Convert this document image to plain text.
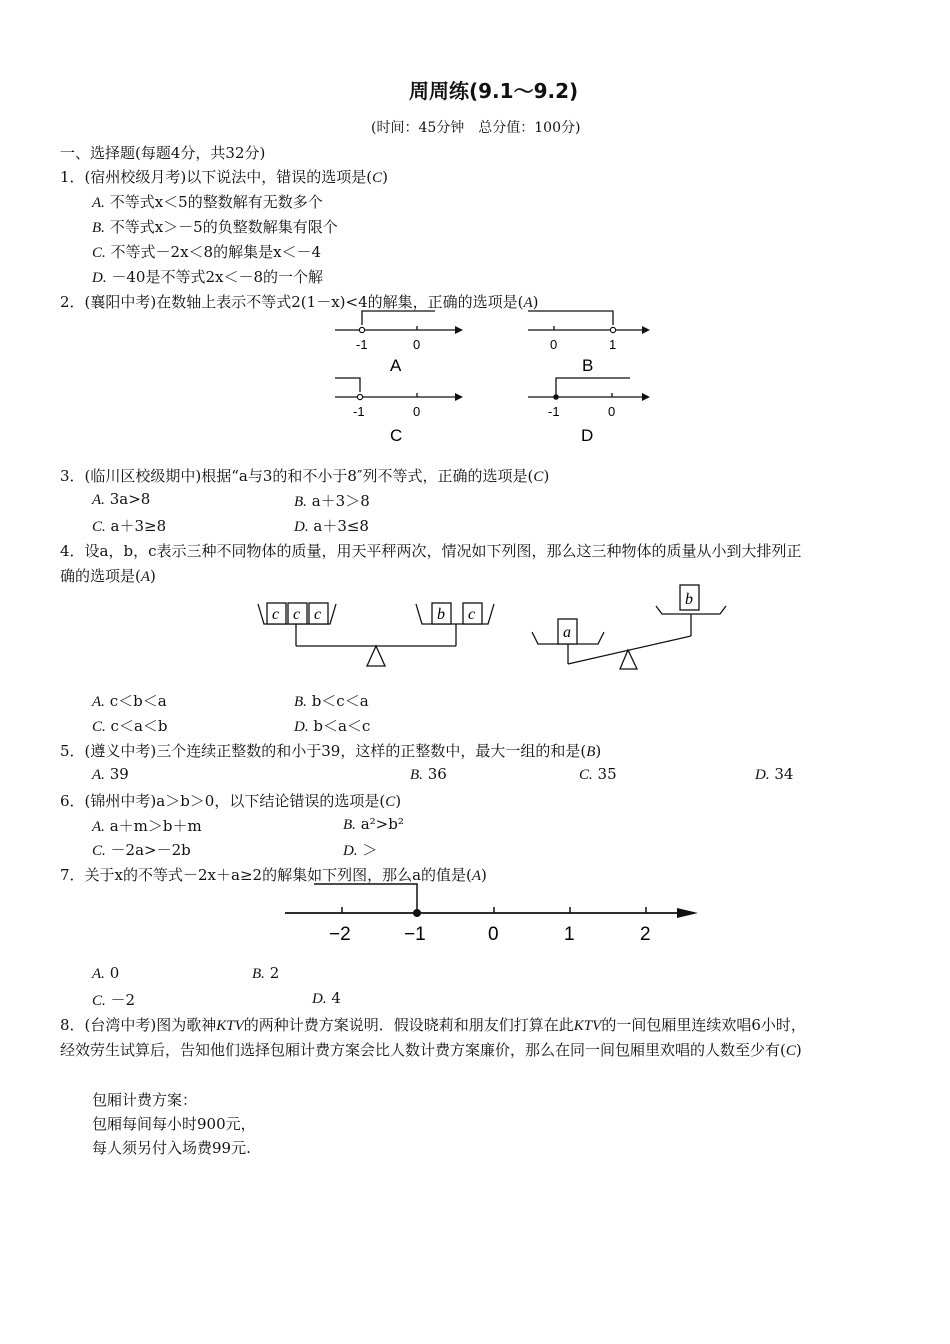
周周练(9.1～9.2)
(时间：45分钟　总分值：100分)
一、选择题(每题4分，共32分)
1．(宿州校级月考)以下说法中，错误的选项是(C)
A. 不等式x＜5的整数解有无数多个
B. 不等式x＞－5的负整数解集有限个
C. 不等式－2x＜8的解集是x＜－4
D. －40是不等式2x＜－8的一个解
2．(襄阳中考)在数轴上表示不等式2(1－x)<4的解集，正确的选项是(A)
-1	0
A
0	1
B
-1	0
C
-1	0
D
3．(临川区校级期中)根据“a与3的和不小于8″列不等式，正确的选项是(C)
A. 3a>8	B. a＋3＞8
C. a＋3≥8	D. a＋3≤8
4．设a，b，c表示三种不同物体的质量，用天平秤两次，情况如下列图，那么这三种物体的质量从小到大排列正
确的选项是(A)
c c c	b c
a
b
A. c＜b＜a	B. b＜c＜a
C. c＜a＜b	D. b＜a＜c
5．(遵义中考)三个连续正整数的和小于39，这样的正整数中，最大一组的和是(B)
A. 39	B. 36	C. 35	D. 34
6．(锦州中考)a＞b＞0，以下结论错误的选项是(C)
A. a＋m＞b＋m	B. a²>b²
C. －2a>－2b	D. ＞
7．关于x的不等式－2x＋a≥2的解集如下列图，那么a的值是(A)
−2	−1	0	1	2
A. 0	B. 2
C. －2	D. 4
8．(台湾中考)图为歌神KTV的两种计费方案说明．假设晓莉和朋友们打算在此KTV的一间包厢里连续欢唱6小时，
经效劳生试算后，告知他们选择包厢计费方案会比人数计费方案廉价，那么在同一间包厢里欢唱的人数至少有(C)
包厢计费方案：
包厢每间每小时900元，
每人须另付入场费99元.
